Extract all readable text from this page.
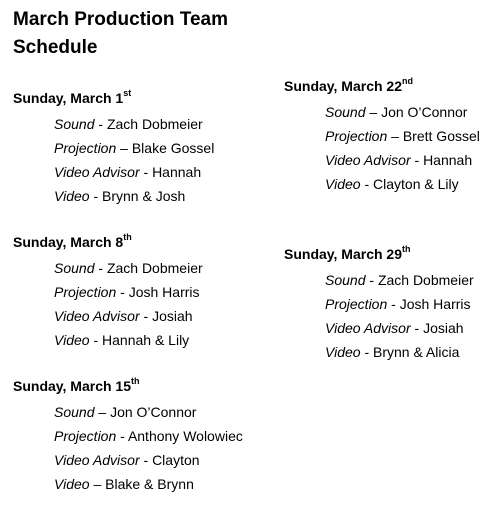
March Production Team
Schedule
Sunday, March 1st
Sound - Zach Dobmeier
Projection – Blake Gossel
Video Advisor - Hannah
Video - Brynn & Josh
Sunday, March 8th
Sound - Zach Dobmeier
Projection - Josh Harris
Video Advisor - Josiah
Video - Hannah & Lily
Sunday, March 15th
Sound – Jon O’Connor
Projection - Anthony Wolowiec
Video Advisor - Clayton
Video – Blake & Brynn
Sunday, March 22nd
Sound – Jon O’Connor
Projection – Brett Gossel
Video Advisor - Hannah
Video - Clayton & Lily
Sunday, March 29th
Sound - Zach Dobmeier
Projection - Josh Harris
Video Advisor - Josiah
Video - Brynn & Alicia
